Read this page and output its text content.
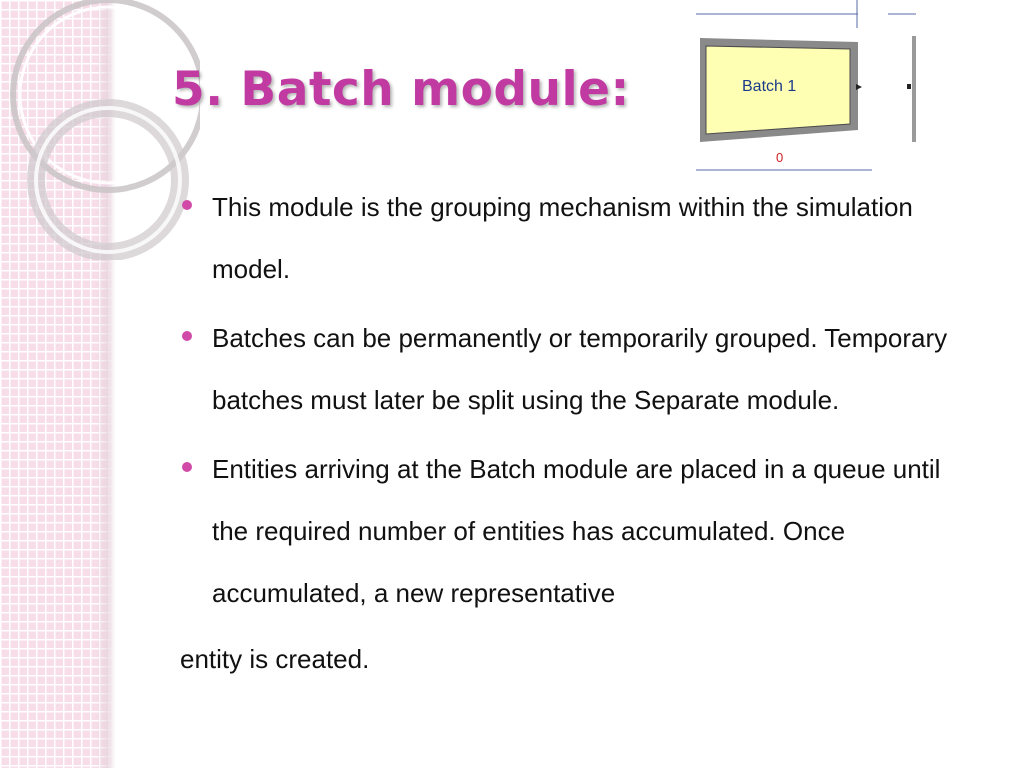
5. Batch module:
0
Batch 1
This module is the grouping mechanism within the simulation model.
Batches can be permanently or temporarily grouped. Temporary batches must later be split using the Separate module.
Entities arriving at the Batch module are placed in a queue until the required number of entities has accumulated. Once accumulated, a new representative
entity is created.
